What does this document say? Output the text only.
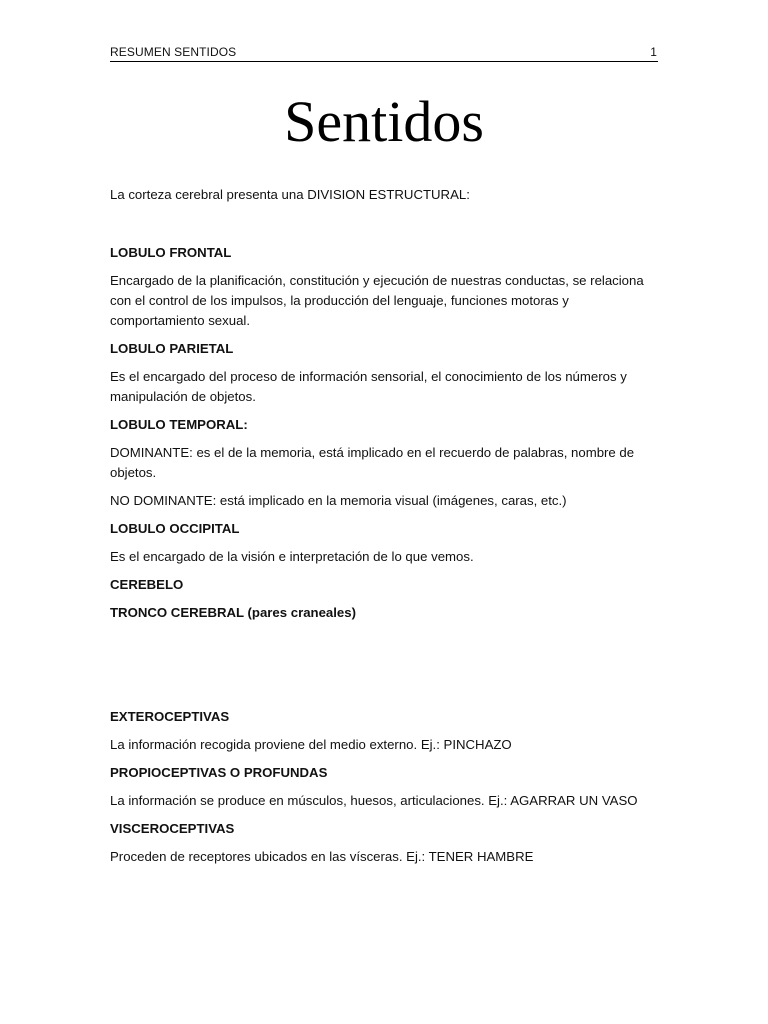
RESUMEN SENTIDOS	1
Sentidos

La corteza cerebral presenta una DIVISION ESTRUCTURAL:

LOBULO FRONTAL

Encargado de la planificación, constitución y ejecución de nuestras conductas, se relaciona con el control de los impulsos, la producción del lenguaje, funciones motoras y comportamiento sexual.

LOBULO PARIETAL

Es el encargado del proceso de información sensorial, el conocimiento de los números y manipulación de objetos.

LOBULO TEMPORAL:

DOMINANTE: es el de la memoria, está implicado en el recuerdo de palabras, nombre de objetos.

NO DOMINANTE: está implicado en la memoria visual (imágenes, caras, etc.)

LOBULO OCCIPITAL

Es el encargado de la visión e interpretación de lo que vemos.

CEREBELO

TRONCO CEREBRAL (pares craneales)

EXTEROCEPTIVAS

La información recogida proviene del medio externo. Ej.: PINCHAZO

PROPIOCEPTIVAS O PROFUNDAS

La información se produce en músculos, huesos, articulaciones. Ej.: AGARRAR UN VASO

VISCEROCEPTIVAS

Proceden de receptores ubicados en las vísceras. Ej.: TENER HAMBRE
